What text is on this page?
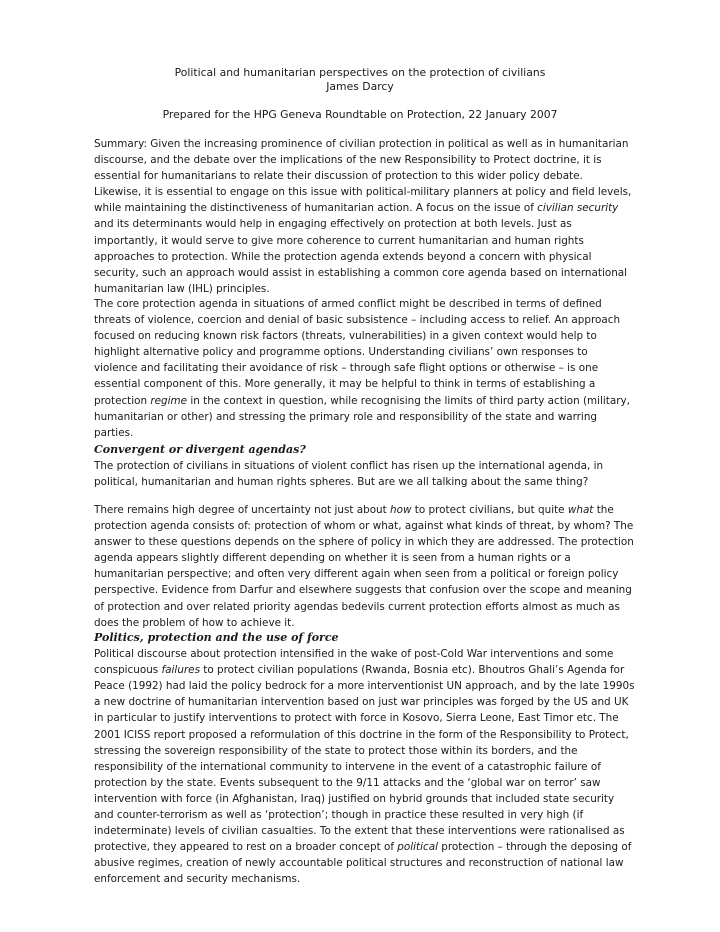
Political and humanitarian perspectives on the protection of civilians
James Darcy
Prepared for the HPG Geneva Roundtable on Protection, 22 January 2007

Summary: Given the increasing prominence of civilian protection in political as well as in humanitarian

discourse, and the debate over the implications of the new Responsibility to Protect doctrine, it is

essential for humanitarians to relate their discussion of protection to this wider policy debate.

Likewise, it is essential to engage on this issue with political-military planners at policy and field levels,

while maintaining the distinctiveness of humanitarian action. A focus on the issue of civilian security

and its determinants would help in engaging effectively on protection at both levels. Just as

importantly, it would serve to give more coherence to current humanitarian and human rights

approaches to protection. While the protection agenda extends beyond a concern with physical

security, such an approach would assist in establishing a common core agenda based on international

humanitarian law (IHL) principles.

The core protection agenda in situations of armed conflict might be described in terms of defined

threats of violence, coercion and denial of basic subsistence – including access to relief. An approach

focused on reducing known risk factors (threats, vulnerabilities) in a given context would help to

highlight alternative policy and programme options. Understanding civilians’ own responses to

violence and facilitating their avoidance of risk – through safe flight options or otherwise – is one

essential component of this. More generally, it may be helpful to think in terms of establishing a

protection regime in the context in question, while recognising the limits of third party action (military,

humanitarian or other) and stressing the primary role and responsibility of the state and warring

parties.

Convergent or divergent agendas?

The protection of civilians in situations of violent conflict has risen up the international agenda, in

political, humanitarian and human rights spheres. But are we all talking about the same thing?

There remains high degree of uncertainty not just about how to protect civilians, but quite what the

protection agenda consists of: protection of whom or what, against what kinds of threat, by whom? The

answer to these questions depends on the sphere of policy in which they are addressed. The protection

agenda appears slightly different depending on whether it is seen from a human rights or a

humanitarian perspective; and often very different again when seen from a political or foreign policy

perspective. Evidence from Darfur and elsewhere suggests that confusion over the scope and meaning

of protection and over related priority agendas bedevils current protection efforts almost as much as

does the problem of how to achieve it.

Politics, protection and the use of force

Political discourse about protection intensified in the wake of post-Cold War interventions and some

conspicuous failures to protect civilian populations (Rwanda, Bosnia etc). Bhoutros Ghali’s Agenda for

Peace (1992) had laid the policy bedrock for a more interventionist UN approach, and by the late 1990s

a new doctrine of humanitarian intervention based on just war principles was forged by the US and UK

in particular to justify interventions to protect with force in Kosovo, Sierra Leone, East Timor etc. The

2001 ICISS report proposed a reformulation of this doctrine in the form of the Responsibility to Protect,

stressing the sovereign responsibility of the state to protect those within its borders, and the

responsibility of the international community to intervene in the event of a catastrophic failure of

protection by the state. Events subsequent to the 9/11 attacks and the ‘global war on terror’ saw

intervention with force (in Afghanistan, Iraq) justified on hybrid grounds that included state security

and counter-terrorism as well as ‘protection’; though in practice these resulted in very high (if

indeterminate) levels of civilian casualties. To the extent that these interventions were rationalised as

protective, they appeared to rest on a broader concept of political protection – through the deposing of

abusive regimes, creation of newly accountable political structures and reconstruction of national law

enforcement and security mechanisms.
